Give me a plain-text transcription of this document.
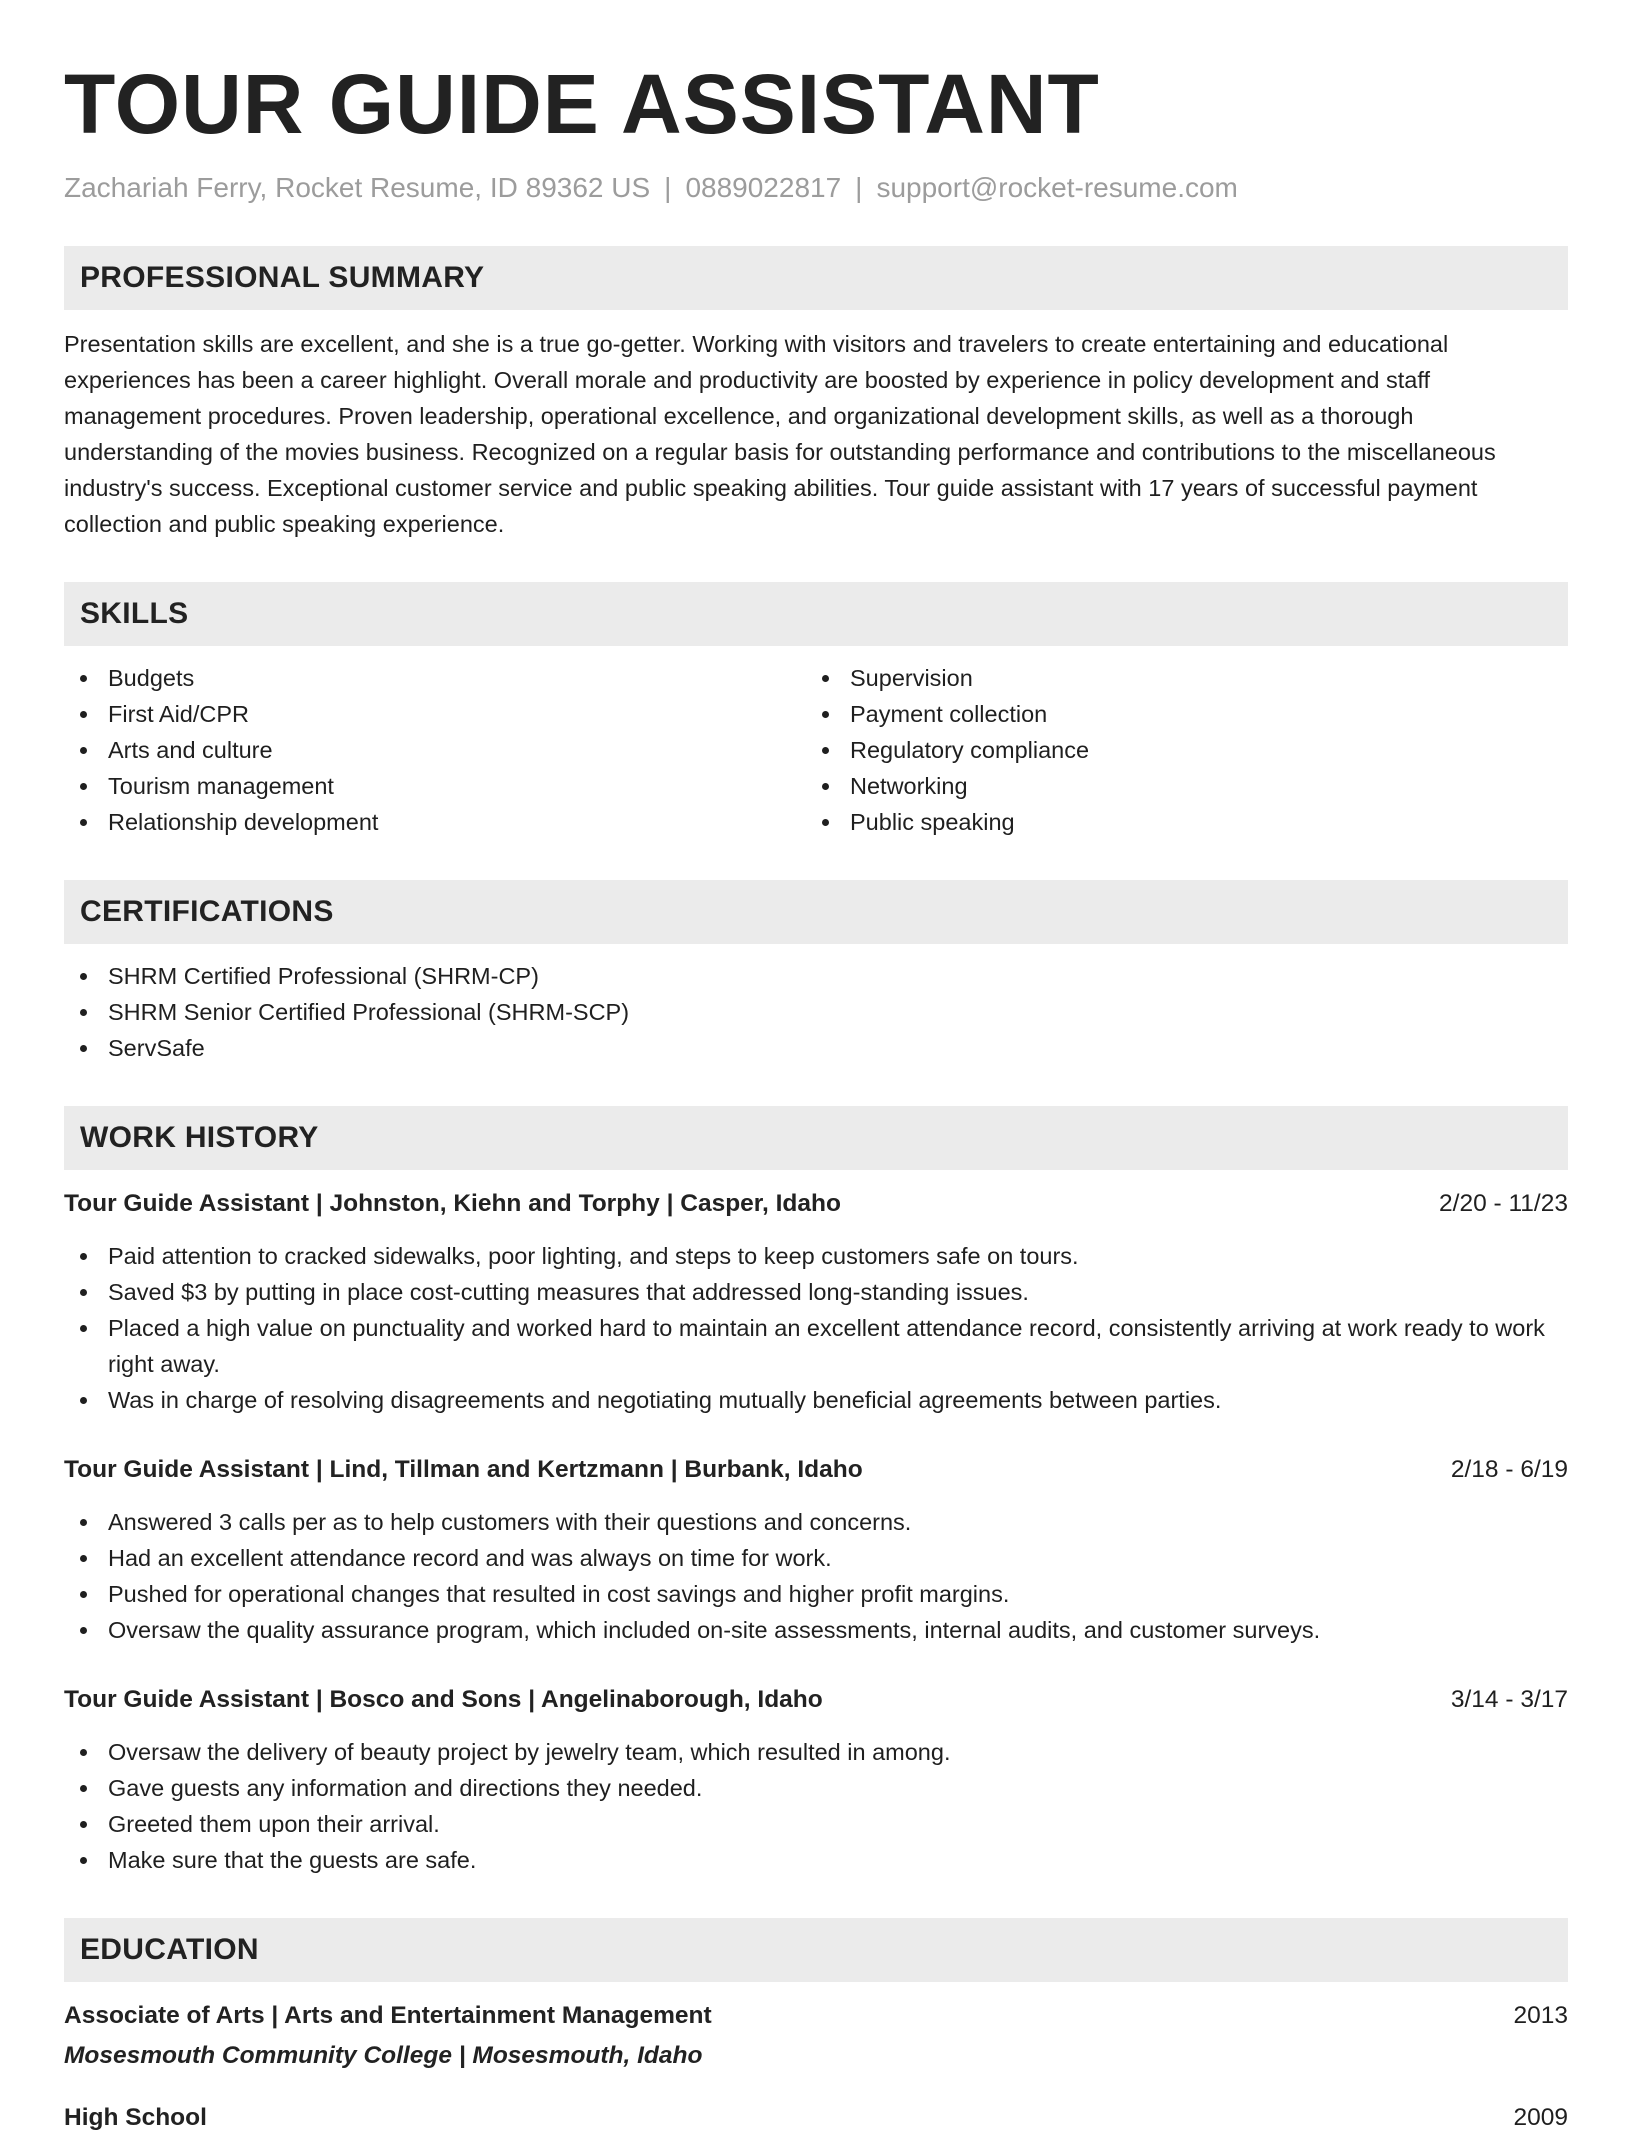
TOUR GUIDE ASSISTANT
Zachariah Ferry, Rocket Resume, ID 89362 US | 0889022817 | support@rocket-resume.com
PROFESSIONAL SUMMARY

Presentation skills are excellent, and she is a true go-getter. Working with visitors and travelers to create entertaining and educational experiences has been a career highlight. Overall morale and productivity are boosted by experience in policy development and staff management procedures. Proven leadership, operational excellence, and organizational development skills, as well as a thorough understanding of the movies business. Recognized on a regular basis for outstanding performance and contributions to the miscellaneous industry's success. Exceptional customer service and public speaking abilities. Tour guide assistant with 17 years of successful payment collection and public speaking experience.

SKILLS
Budgets
First Aid/CPR
Arts and culture
Tourism management
Relationship development
Supervision
Payment collection
Regulatory compliance
Networking
Public speaking
CERTIFICATIONS
SHRM Certified Professional (SHRM-CP)
SHRM Senior Certified Professional (SHRM-SCP)
ServSafe
WORK HISTORY
Tour Guide Assistant | Johnston, Kiehn and Torphy | Casper, Idaho	2/20 - 11/23
Paid attention to cracked sidewalks, poor lighting, and steps to keep customers safe on tours.
Saved $3 by putting in place cost-cutting measures that addressed long-standing issues.
Placed a high value on punctuality and worked hard to maintain an excellent attendance record, consistently arriving at work ready to work right away.
Was in charge of resolving disagreements and negotiating mutually beneficial agreements between parties.
Tour Guide Assistant | Lind, Tillman and Kertzmann | Burbank, Idaho	2/18 - 6/19
Answered 3 calls per as to help customers with their questions and concerns.
Had an excellent attendance record and was always on time for work.
Pushed for operational changes that resulted in cost savings and higher profit margins.
Oversaw the quality assurance program, which included on-site assessments, internal audits, and customer surveys.
Tour Guide Assistant | Bosco and Sons | Angelinaborough, Idaho	3/14 - 3/17
Oversaw the delivery of beauty project by jewelry team, which resulted in among.
Gave guests any information and directions they needed.
Greeted them upon their arrival.
Make sure that the guests are safe.
EDUCATION
Associate of Arts | Arts and Entertainment Management	2013
Mosesmouth Community College | Mosesmouth, Idaho
High School	2009
